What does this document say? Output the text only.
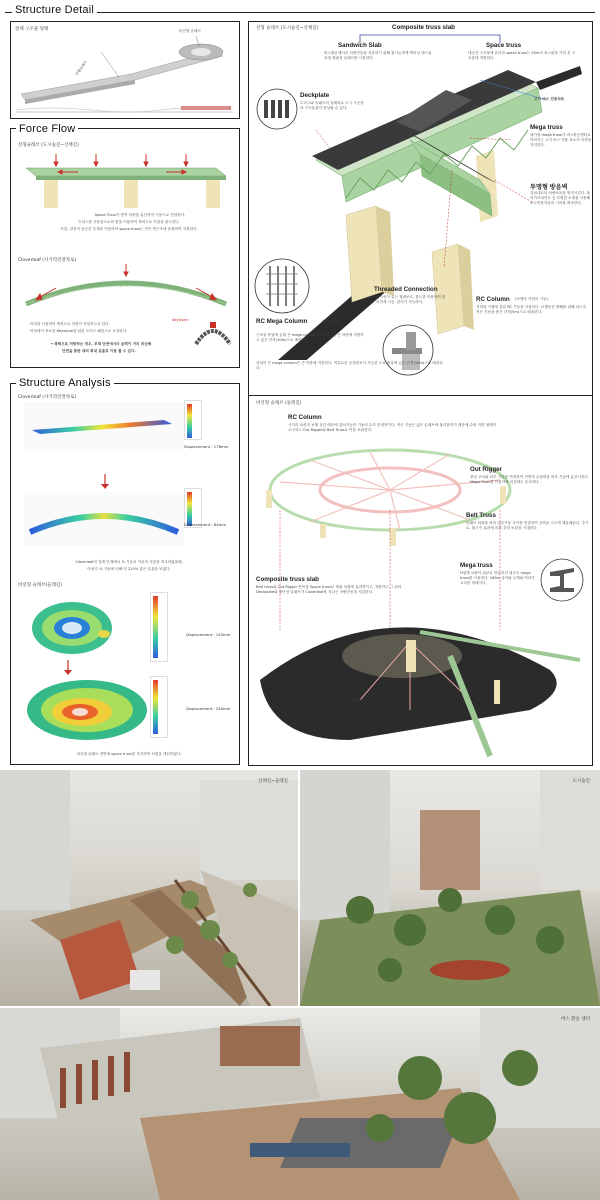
Structure Detail
전체 구조물 형태
선형슬래브
비선형 슬래브
Force Flow
선형슬래브 (도시숲길~산책길)
Space Truss가 연직 하중을 분산하여 기둥으로 전달한다.
트러스를 사용함으로써 힘을 이용하여 축력으로 부담을 줄시킨다.
또한, 강성이 동등한 부재를 이용하여 space truss는 연속 연구조에 동원하여 지정한다.
Cloverleaf (사거리연결차로)
아치를 사용하여 축력으로 하중이 저항하도록 한다.
아치에서 중요한 Keystone을 위한 트러스 패턴으로 보강한다.
Keystone
→ 축력으로 저항하는 경우, 부재 단면에서의 응력이 거의 비슷해
단면을 통한 대비 최대 효율로 이용 할 수 있다.
Structure Analysis
Cloverleaf (사거리연결차로)
Displacement : 176mm
Displacement : 84mm
Cloverleaf의 설계 단계에서 보-기둥의 이차의 저항을 비교하였을때,
아치가 보-기둥에 비해 약 210% 좋은 효율을 보였다.
비선형 슬래브(둘레길)
Displacement : 143mm
Displacement : 240mm
비선형 슬래브 전반에 space truss를 추가하여 처짐을 개선하였다.
선형 슬래브 (도시숲길~산책길)	Composite truss slab
Sandwich Slab
버스환승센터의 차량진동을 저감하기 위해 접시능하게 벽러닝 샌드위치형 철판성 슬래브를 사용한다.
Space truss
대공간 구조물에 유리한 space truss는 25m의 장스판을 가진 본 구조물에 적합하다.
고가 버스 전용차로
Deckplate
트러스와 슬래브의 일체화로 도시 시공성과 구조효율이 향상될 수 있다.
Mega truss
메가형 mega truss가 버스환승센터로 이어지는 고가 버스 전용 차로의 하중을 지지한다.
투명형 방음벽
강남대로의 차량소음을 방지시킨다. 폴리카보네이트 등 투명한 소재를 사용해 보도이용자들의 시야를 확보한다.
RC Mega Column	(중앙 기둥)
Threaded Connection
나사선이 있는 철판보로, 볼트를 이용하여 편리하게 시공, 관리가 가능하다.	RC Column (보행자 거점의 기둥)
지하의 시행에 설한 RC 기둥을 사용한다. 보행동선 방해를 위해 되도록 적은 기둥을 좁은 간격(5m)으로 배치한다.
구조물 중앙에 굳혀 큰 mega column을 필요로서, 큰 하중에 저항하고 넓은 간격(10m)으로 배치한다.
강성이 큰 mega column은 큰 하중에 저항한다. 여유로운 공간확보가 가능한 도로 중앙에 넓은 간격(10m)으로 배치한다.
비선형 슬래브 (둘레길)
RC Column
사거리 차선과 보행 공간 때문에 설치가능한 기둥의 수가 한정적이다. 적은 기둥은 넓은 슬래브에 불리함이기 때문에 수평 저항 형태이 요구되고 Out Rigger와 Belt Truss로 이를 보완한다.
Out Rigger
중앙 코어와 외부 기둥을 연결하여 전면의 수평력을 외부 기둥에 분산시킨다. Mega Truss를 이용하여 처짐에도 유리하다.
Belt Truss
슬래브 외곽을 따라 외부기둥 사이를 연결하여 응력을 고르게 재분배한다. 추가로, 횡구속 효과에 의한 추력 보강을 기대한다.
Composite truss slab
Belt truss와 Out Rigger 안목을 Space truss로 채워 처짐에 효과적이고, 저항하고 그 위의 Deckplate와 평단성 슬래브가 Cloverleaf를 지나는 차량진동을 저감한다.
Mega truss
H형재 교량이 위보로 만들어진 대규모 mega truss를 사용한다. 160m 굴이와 두께와 여러가 교차한 형태이다.
Core
Cloverleaf
산책길~둘레길	도시숲길
버스 환승 센터
